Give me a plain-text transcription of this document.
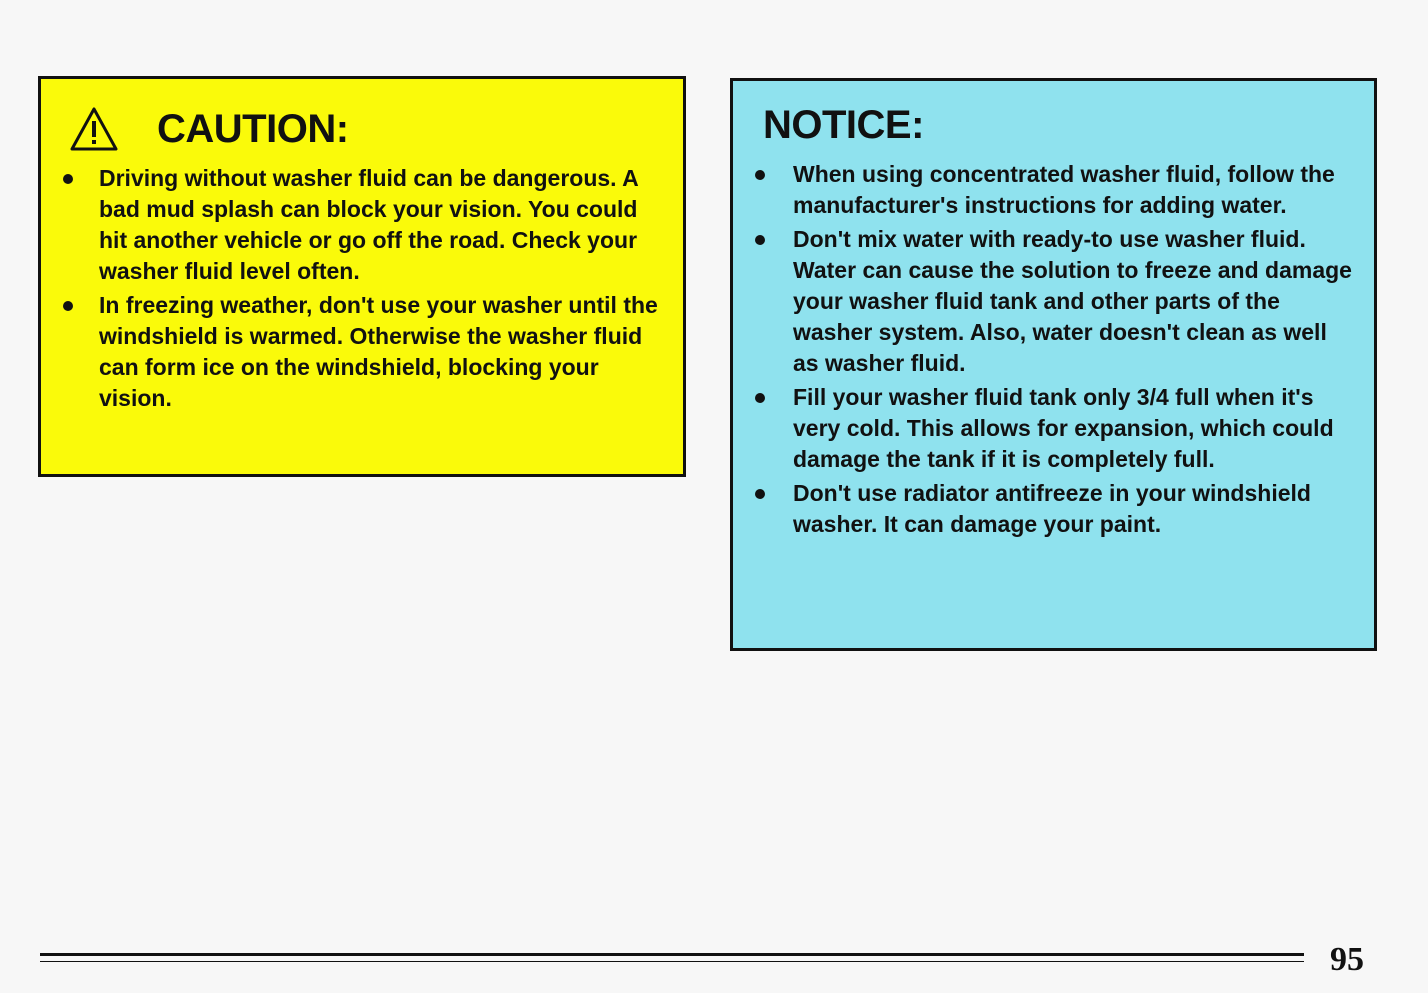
CAUTION:
Driving without washer fluid can be dangerous. A bad mud splash can block your vision. You could hit another vehicle or go off the road. Check your washer fluid level often.
In freezing weather, don't use your washer until the windshield is warmed. Otherwise the washer fluid can form ice on the windshield, blocking your vision.
NOTICE:
When using concentrated washer fluid, follow the manufacturer's instructions for adding water.
Don't mix water with ready-to use washer fluid. Water can cause the solution to freeze and damage your washer fluid tank and other parts of the washer system. Also, water doesn't clean as well as washer fluid.
Fill your washer fluid tank only 3/4 full when it's very cold. This allows for expansion, which could damage the tank if it is completely full.
Don't use radiator antifreeze in your windshield washer. It can damage your paint.
95
